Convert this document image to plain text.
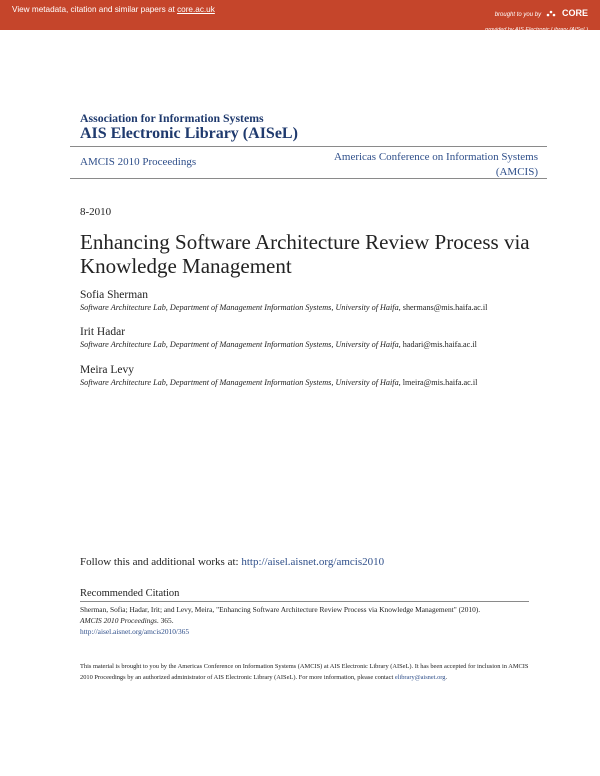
View metadata, citation and similar papers at core.ac.uk
brought to you by CORE
provided by AIS Electronic Library (AISeL)
Association for Information Systems
AIS Electronic Library (AISeL)
AMCIS 2010 Proceedings	Americas Conference on Information Systems (AMCIS)
8-2010
Enhancing Software Architecture Review Process via Knowledge Management
Sofia Sherman
Software Architecture Lab, Department of Management Information Systems, University of Haifa, shermans@mis.haifa.ac.il
Irit Hadar
Software Architecture Lab, Department of Management Information Systems, University of Haifa, hadari@mis.haifa.ac.il
Meira Levy
Software Architecture Lab, Department of Management Information Systems, University of Haifa, lmeira@mis.haifa.ac.il
Follow this and additional works at: http://aisel.aisnet.org/amcis2010
Recommended Citation
Sherman, Sofia; Hadar, Irit; and Levy, Meira, "Enhancing Software Architecture Review Process via Knowledge Management" (2010).
AMCIS 2010 Proceedings. 365.
http://aisel.aisnet.org/amcis2010/365
This material is brought to you by the Americas Conference on Information Systems (AMCIS) at AIS Electronic Library (AISeL). It has been accepted for inclusion in AMCIS 2010 Proceedings by an authorized administrator of AIS Electronic Library (AISeL). For more information, please contact elibrary@aisnet.org.
